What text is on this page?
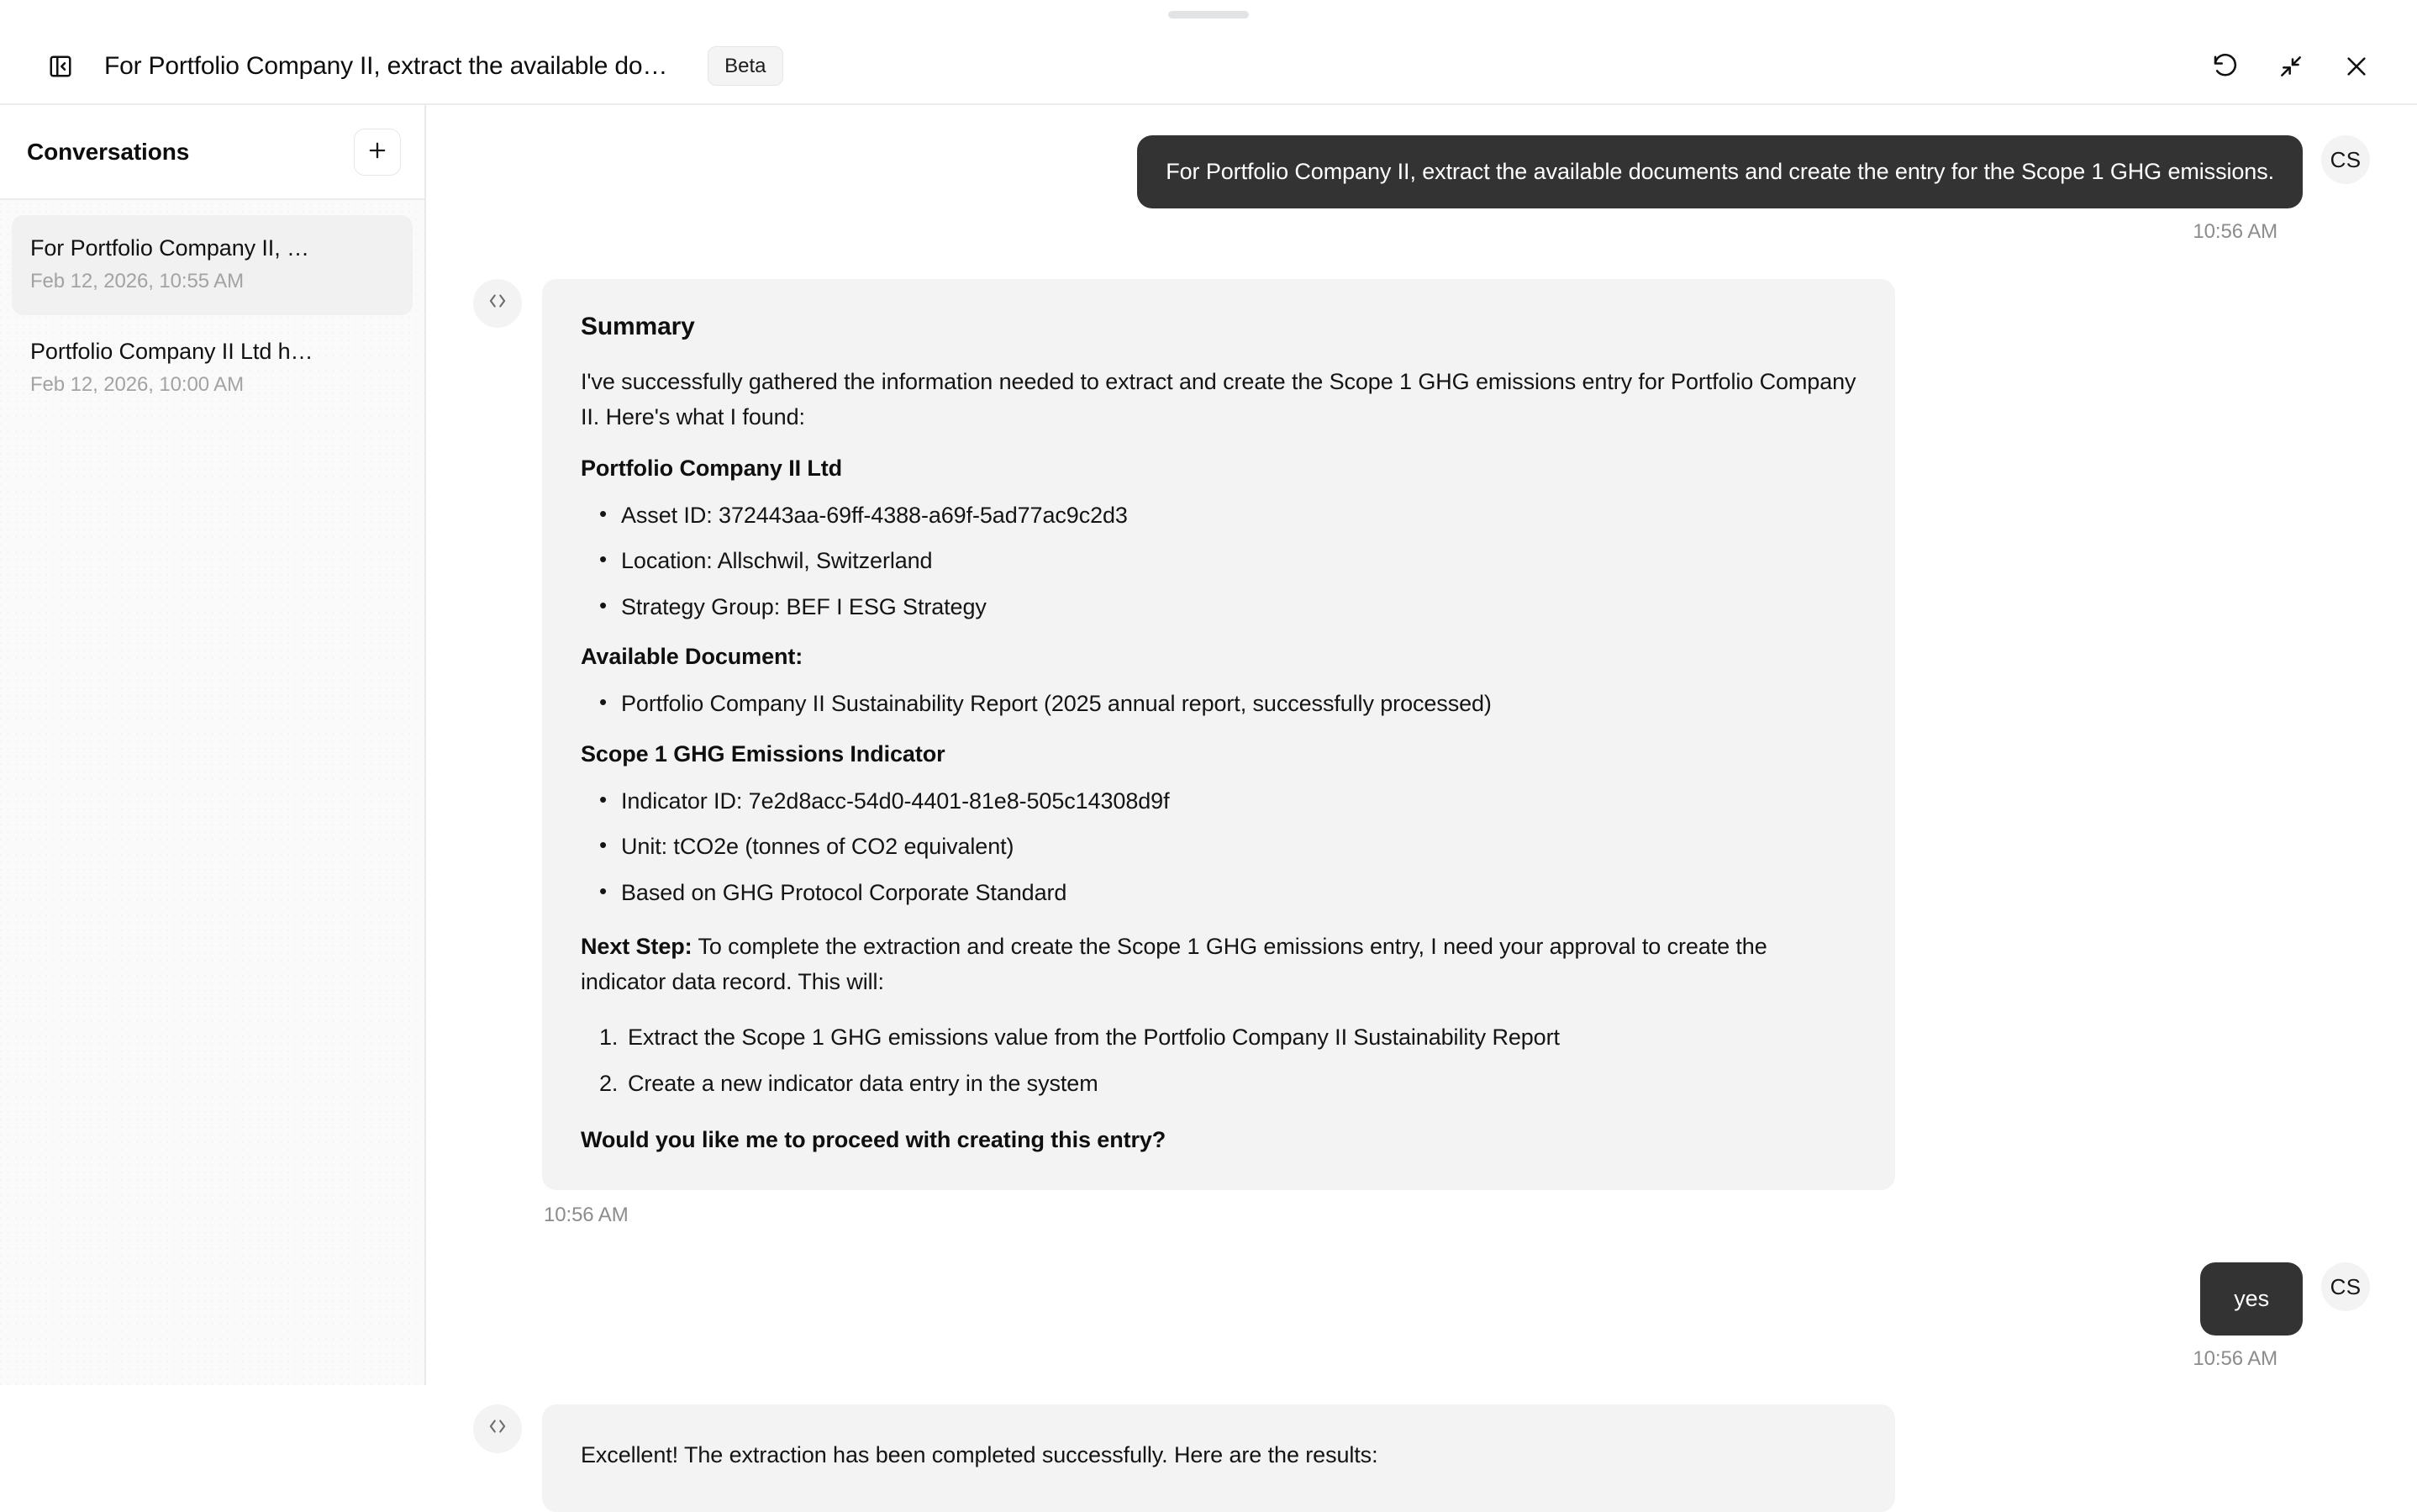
For Portfolio Company II, extract the available do…	Beta
Conversations
For Portfolio Company II, …
Feb 12, 2026, 10:55 AM
Portfolio Company II Ltd h…
Feb 12, 2026, 10:00 AM
For Portfolio Company II, extract the available documents and create the entry for the Scope 1 GHG emissions.	CS
10:56 AM
Summary

I've successfully gathered the information needed to extract and create the Scope 1 GHG emissions entry for Portfolio Company II. Here's what I found:

Portfolio Company II Ltd
• Asset ID: 372443aa-69ff-4388-a69f-5ad77ac9c2d3
• Location: Allschwil, Switzerland
• Strategy Group: BEF I ESG Strategy
Available Document:
• Portfolio Company II Sustainability Report (2025 annual report, successfully processed)
Scope 1 GHG Emissions Indicator
• Indicator ID: 7e2d8acc-54d0-4401-81e8-505c14308d9f
• Unit: tCO2e (tonnes of CO2 equivalent)
• Based on GHG Protocol Corporate Standard

Next Step: To complete the extraction and create the Scope 1 GHG emissions entry, I need your approval to create the indicator data record. This will:

Extract the Scope 1 GHG emissions value from the Portfolio Company II Sustainability Report
Create a new indicator data entry in the system
Would you like me to proceed with creating this entry?
10:56 AM
yes	CS
10:56 AM

Excellent! The extraction has been completed successfully. Here are the results:
